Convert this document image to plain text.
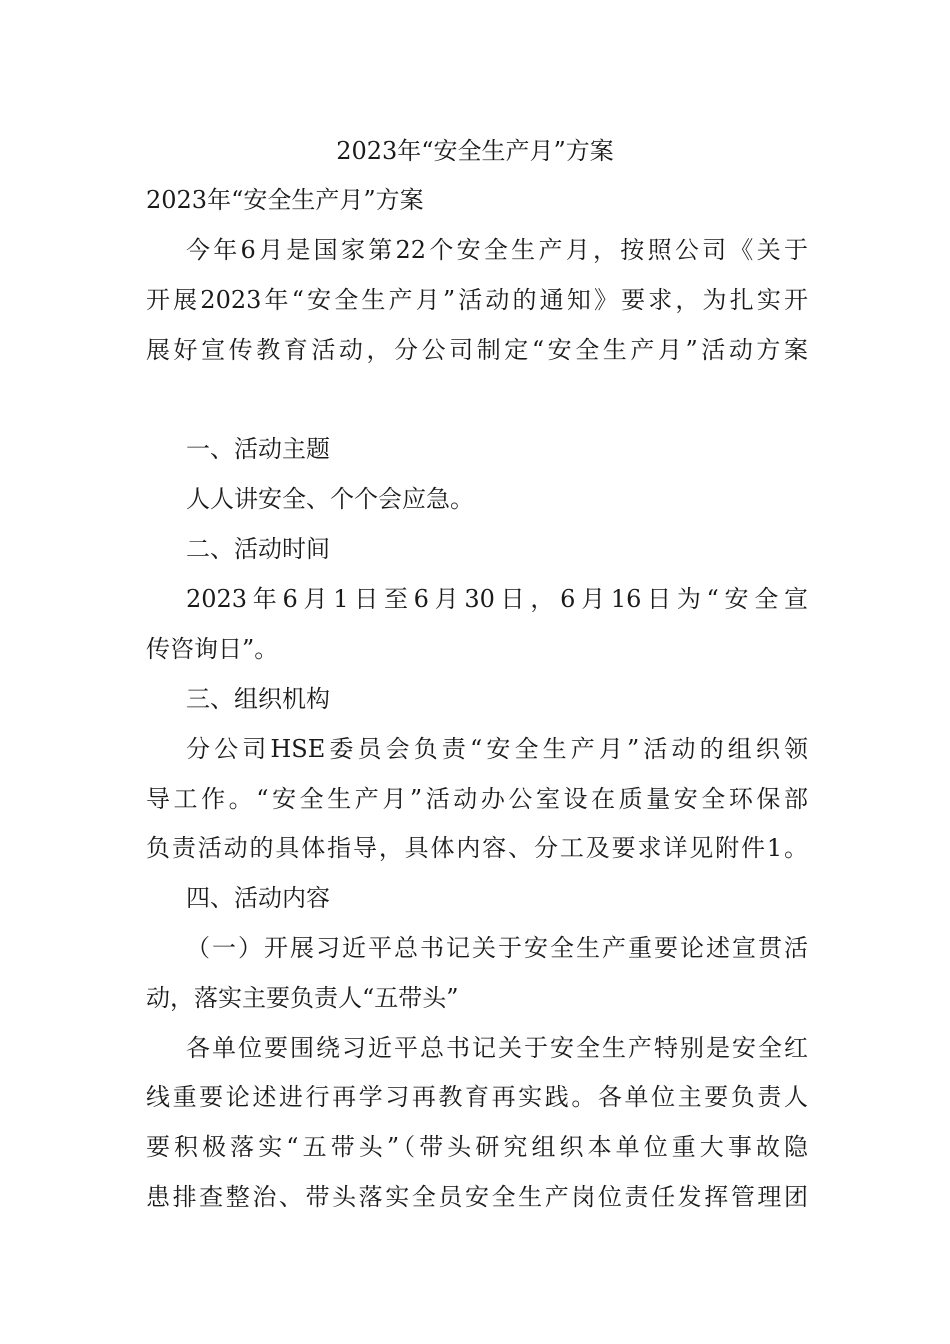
2023年“安全生产月”方案
2023年“安全生产月”方案
今年6月是国家第22个安全生产月，按照公司《关于
开展2023年“安全生产月”活动的通知》要求，为扎实开
展好宣传教育活动，分公司制定“安全生产月”活动方案
一、活动主题
人人讲安全、个个会应急。
二、活动时间
2023年6月1日至6月30日，6月16日为“安全宣
传咨询日”。
三、组织机构
分公司HSE委员会负责“安全生产月”活动的组织领
导工作。“安全生产月”活动办公室设在质量安全环保部
负责活动的具体指导，具体内容、分工及要求详见附件1。
四、活动内容
（一）开展习近平总书记关于安全生产重要论述宣贯活
动，落实主要负责人“五带头”
各单位要围绕习近平总书记关于安全生产特别是安全红
线重要论述进行再学习再教育再实践。各单位主要负责人
要积极落实“五带头”（带头研究组织本单位重大事故隐
患排查整治、带头落实全员安全生产岗位责任发挥管理团
